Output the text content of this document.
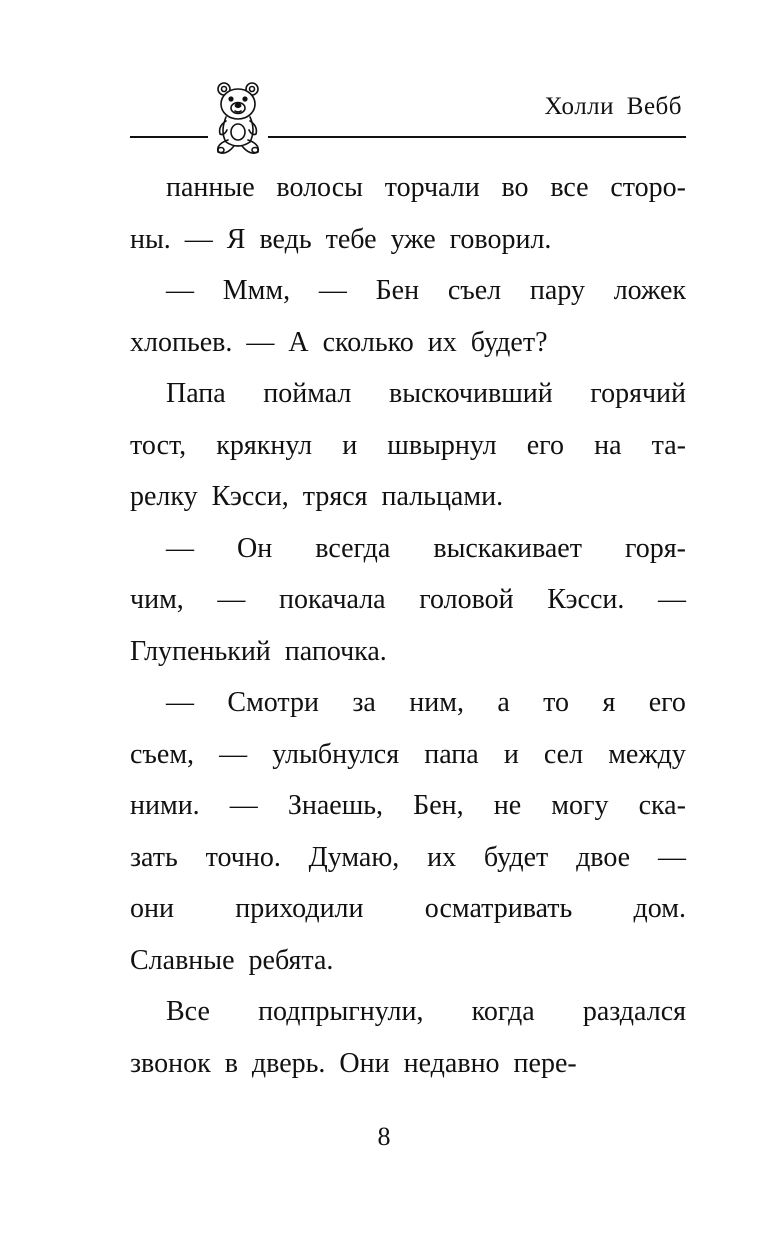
Холли Вебб
панные волосы торчали во все сторо-
ны. — Я ведь тебе уже говорил.
— Ммм, — Бен съел пару ложек
хлопьев. — А сколько их будет?
Папа поймал выскочивший горячий
тост, крякнул и швырнул его на та-
релку Кэсси, тряся пальцами.
— Он всегда выскакивает горя-
чим, — покачала головой Кэсси. —
Глупенький папочка.
— Смотри за ним, а то я его
съем, — улыбнулся папа и сел между
ними. — Знаешь, Бен, не могу ска-
зать точно. Думаю, их будет двое —
они приходили осматривать дом.
Славные ребята.
Все подпрыгнули, когда раздался
звонок в дверь. Они недавно пере-
8
